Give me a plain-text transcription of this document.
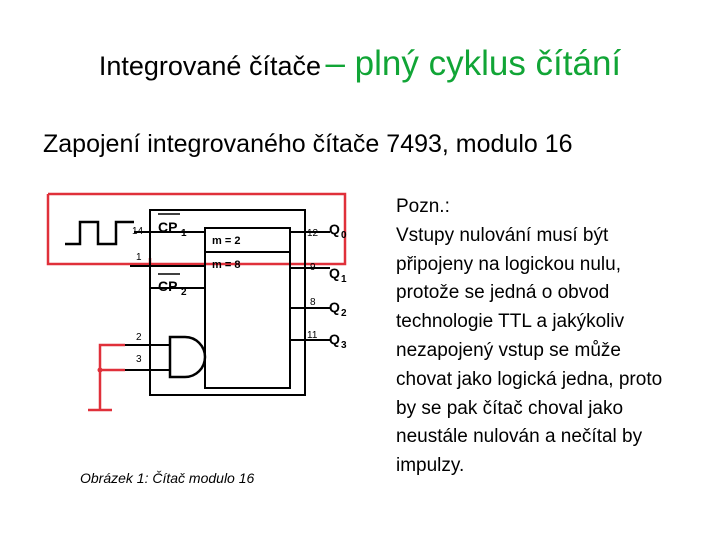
Integrované čítače – plný cyklus čítání
Zapojení integrovaného čítače 7493, modulo 16
CP 1
CP 2
m = 2
m = 8
14
1
2
3
12
9
8
11
Q 0
Q 1
Q 2
Q 3
Obrázek 1: Čítač modulo 16
Pozn.:
Vstupy nulování musí být
připojeny na logickou nulu,
protože se jedná o obvod
technologie TTL a jakýkoliv
nezapojený vstup se může
chovat jako logická jedna, proto
by se pak čítač choval jako
neustále nulován a nečítal by
impulzy.
